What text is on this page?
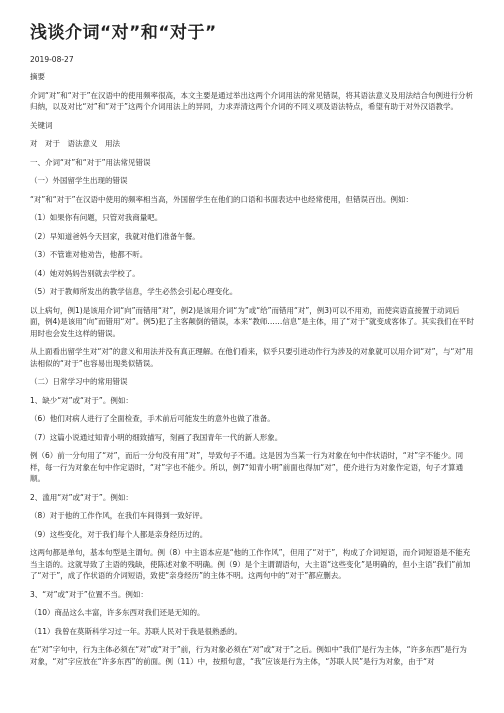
浅谈介词“对”和“对于”
2019-08-27
摘要
介词“对”和“对于”在汉语中的使用频率很高，本文主要是通过举出这两个介词用法的常见错误，将其语法意义及用法结合句例进行分析归纳，以及对比“对”和“对于”这两个介词用法上的异同，力求弄清这两个介词的不同义项及语法特点，希望有助于对外汉语教学。
关键词
对　对于　语法意义　用法
一、介词“对”和“对于”用法常见错误
（一）外国留学生出现的错误
“对”和“对于”在汉语中使用的频率相当高，外国留学生在他们的口语和书面表达中也经常使用，但错误百出。例如：
（1）如果你有问题，只管对我商量吧。
（2）早知道爸妈今天回家，我就对他们准备午餐。
（3）不管谁对他劝告，他都不听。
（4）她对妈妈告别就去学校了。
（5）对于教师所发出的教学信息，学生必然会引起心理变化。
以上病句，例1)是该用介词“向”而错用“对”，例2)是该用介词“为”或“给”而错用“对”，例3)可以不用劝，而使宾语直接置于动词后面，例4)是该用“向”而错用“对”。例5)犯了主客颠倒的错误，本来“教师……信息”是主体，用了“对于”就变成客体了。其实我们在平时用时也会发生这样的错误。
从上面看出留学生对“对”的意义和用法并没有真正理解。在他们看来，似乎只要引进动作行为涉及的对象就可以用介词“对”，与“对”用法相似的“对于”也容易出现类似错误。
（二）日常学习中的常用错误
1、缺少“对”或“对于”。例如：
（6）他们对病人进行了全面检查，手术前后可能发生的意外也做了准备。
（7）这篇小说通过知青小明的细致描写，刻画了我国青年一代的新人形象。
例（6）前一分句用了“对”，而后一分句没有用“对”，导致句子不通。这是因为当某一行为对象在句中作状语时，“对”字不能少。同样，每一行为对象在句中作定语时，“对”字也不能少。所以，例7“知青小明”前面也得加“对”，使介进行为对象作定语，句子才算通顺。
2、滥用“对”或“对于”。例如：
（8）对于他的工作作风，在我们车间得到一致好评。
（9）这些变化，对于我们每个人都是亲身经历过的。
这两句都是单句，基本句型是主谓句。例（8）中主语本应是“他的工作作风”，但用了“对于”，构成了介词短语，而介词短语是不能充当主语的。这就导致了主语的残缺，使陈述对象不明确。例（9）是个主谓谓语句，大主语“这些变化”是明确的，但小主语“我们”前加了“对于”，成了作状语的介词短语，致使“亲身经历”的主体不明。这两句中的“对于”都应删去。
3、“对”或“对于”位置不当。例如：
（10）商品这么丰富，许多东西对我们还是无知的。
（11）我曾在莫斯科学习过一年。苏联人民对于我是很熟悉的。
在“对”字句中，行为主体必须在“对”或“对于”前，行为对象必须在“对”或“对于”之后。例如中“我们”是行为主体，“许多东西”是行为对象，“对”字应放在“许多东西”的前面。例（11）中，按照句意，“我”应该是行为主体，“苏联人民”是行为对象，由于“对
